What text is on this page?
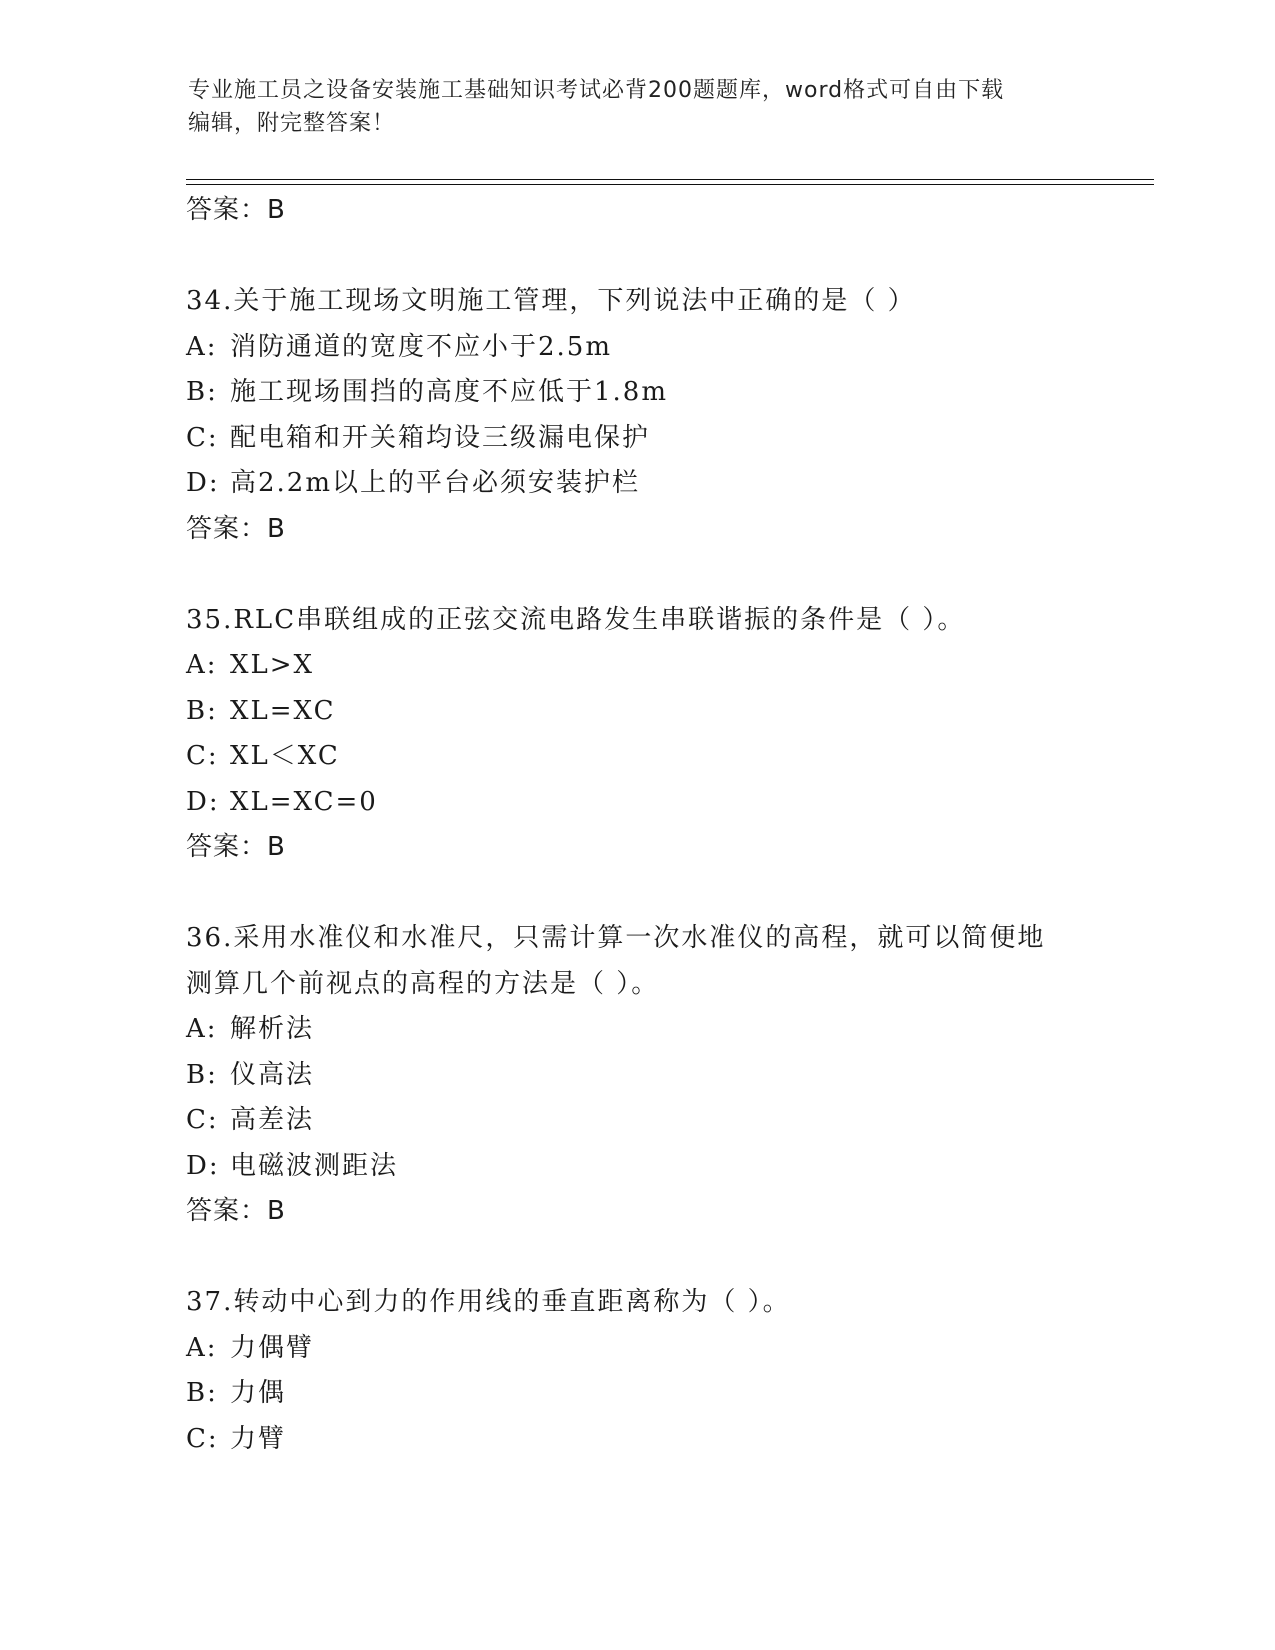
专业施工员之设备安装施工基础知识考试必背200题题库，word格式可自由下载
编辑，附完整答案！
答案：B
34.关于施工现场文明施工管理，下列说法中正确的是（ ）
A: 消防通道的宽度不应小于2.5m
B: 施工现场围挡的高度不应低于1.8m
C: 配电箱和开关箱均设三级漏电保护
D: 高2.2m以上的平台必须安装护栏
答案：B
35.RLC串联组成的正弦交流电路发生串联谐振的条件是（ ）。
A: XL>X
B: XL=XC
C: XL＜XC
D: XL=XC=0
答案：B
36.采用水准仪和水准尺，只需计算一次水准仪的高程，就可以简便地
测算几个前视点的高程的方法是（ ）。
A: 解析法
B: 仪高法
C: 高差法
D: 电磁波测距法
答案：B
37.转动中心到力的作用线的垂直距离称为（ ）。
A: 力偶臂
B: 力偶
C: 力臂
